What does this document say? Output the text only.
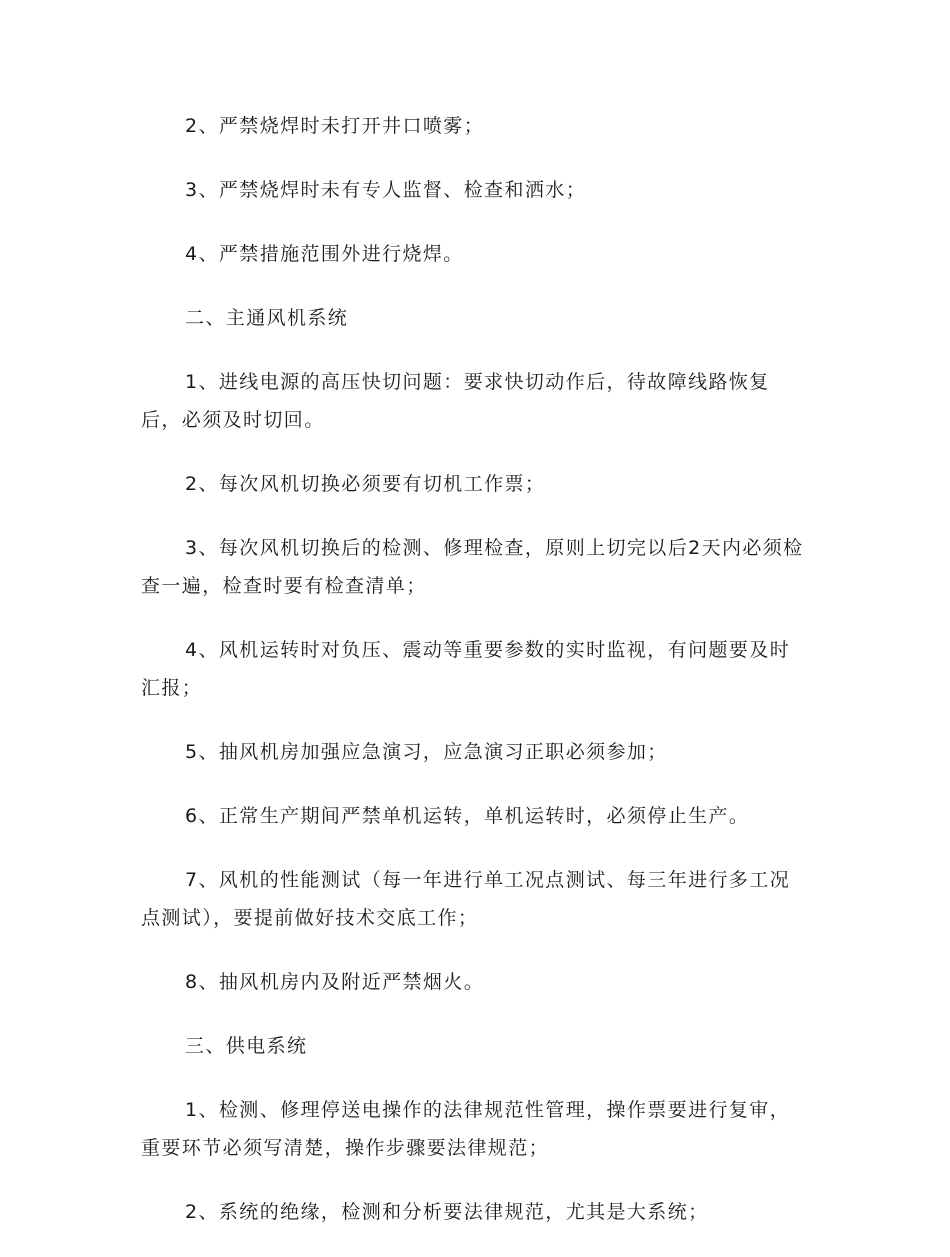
2、严禁烧焊时未打开井口喷雾；

3、严禁烧焊时未有专人监督、检查和洒水；

4、严禁措施范围外进行烧焊。

二、主通风机系统

1、进线电源的高压快切问题：要求快切动作后，待故障线路恢复后，必须及时切回。

2、每次风机切换必须要有切机工作票；

3、每次风机切换后的检测、修理检查，原则上切完以后2天内必须检查一遍，检查时要有检查清单；

4、风机运转时对负压、震动等重要参数的实时监视，有问题要及时汇报；

5、抽风机房加强应急演习，应急演习正职必须参加；

6、正常生产期间严禁单机运转，单机运转时，必须停止生产。

7、风机的性能测试（每一年进行单工况点测试、每三年进行多工况点测试），要提前做好技术交底工作；

8、抽风机房内及附近严禁烟火。

三、供电系统

1、检测、修理停送电操作的法律规范性管理，操作票要进行复审，重要环节必须写清楚，操作步骤要法律规范；

2、系统的绝缘，检测和分析要法律规范，尤其是大系统；
